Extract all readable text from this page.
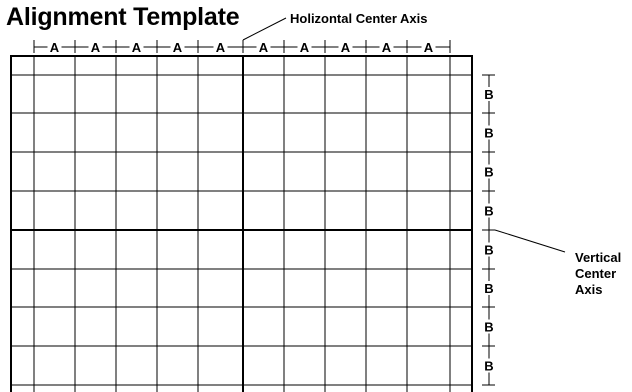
Alignment Template
A A A A	A	A A A A	A
B
B
B
B
B
B
B
B
Holizontal Center Axis
Vertical
Center
Axis
